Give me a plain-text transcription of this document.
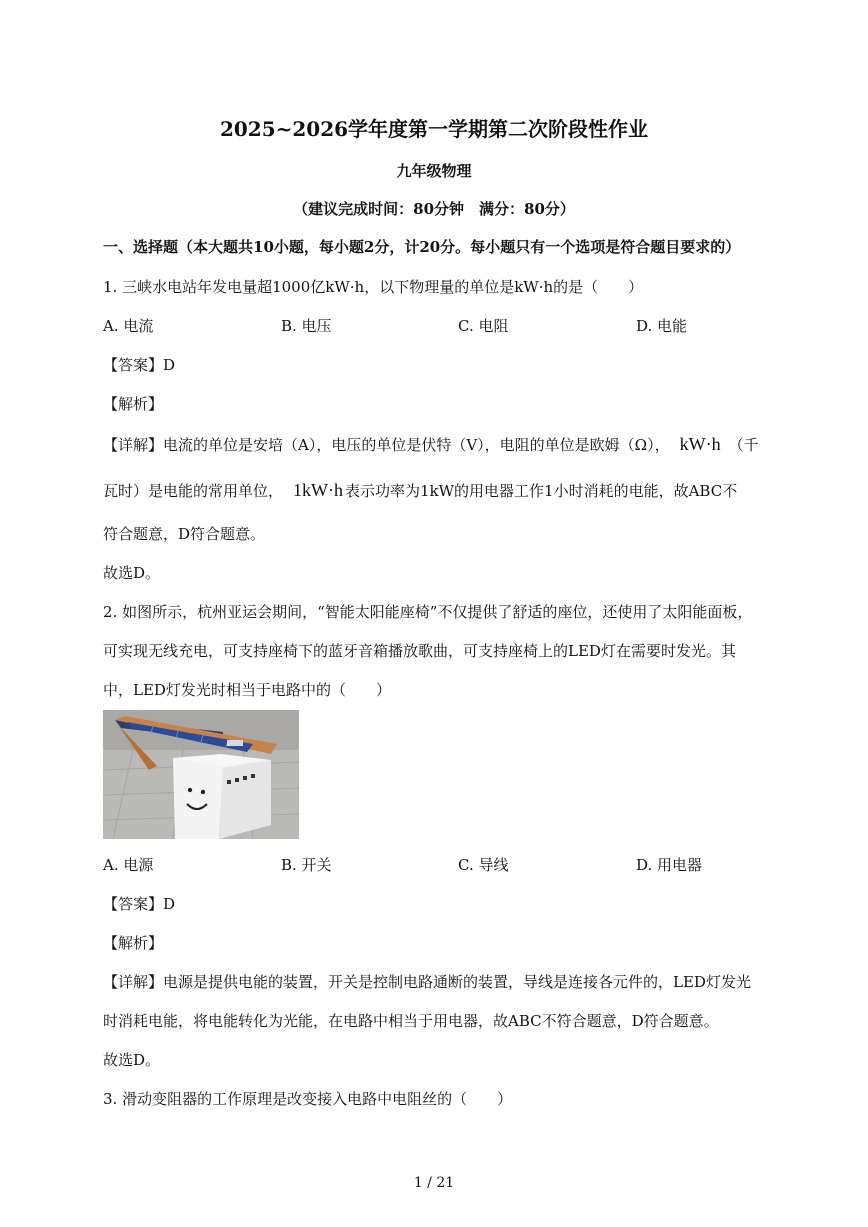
2025~2026学年度第一学期第二次阶段性作业
九年级物理
（建议完成时间：80分钟　满分：80分）
一、选择题（本大题共10小题，每小题2分，计20分。每小题只有一个选项是符合题目要求的）
1. 三峡水电站年发电量超1000亿kW·h，以下物理量的单位是kW·h的是（　　）
A. 电流	B. 电压	C. 电阻	D. 电能
【答案】D
【解析】
【详解】电流的单位是安培（A），电压的单位是伏特（V），电阻的单位是欧姆（Ω）， kW·h （千
瓦时）是电能的常用单位， 1kW·h 表示功率为1kW的用电器工作1小时消耗的电能，故ABC不
符合题意，D符合题意。
故选D。
2. 如图所示，杭州亚运会期间，“智能太阳能座椅”不仅提供了舒适的座位，还使用了太阳能面板，
可实现无线充电，可支持座椅下的蓝牙音箱播放歌曲，可支持座椅上的LED灯在需要时发光。其
中，LED灯发光时相当于电路中的（　　）
A. 电源	B. 开关	C. 导线	D. 用电器
【答案】D
【解析】
【详解】电源是提供电能的装置，开关是控制电路通断的装置，导线是连接各元件的，LED灯发光
时消耗电能，将电能转化为光能，在电路中相当于用电器，故ABC不符合题意，D符合题意。
故选D。
3. 滑动变阻器的工作原理是改变接入电路中电阻丝的（　　）
1 / 21
